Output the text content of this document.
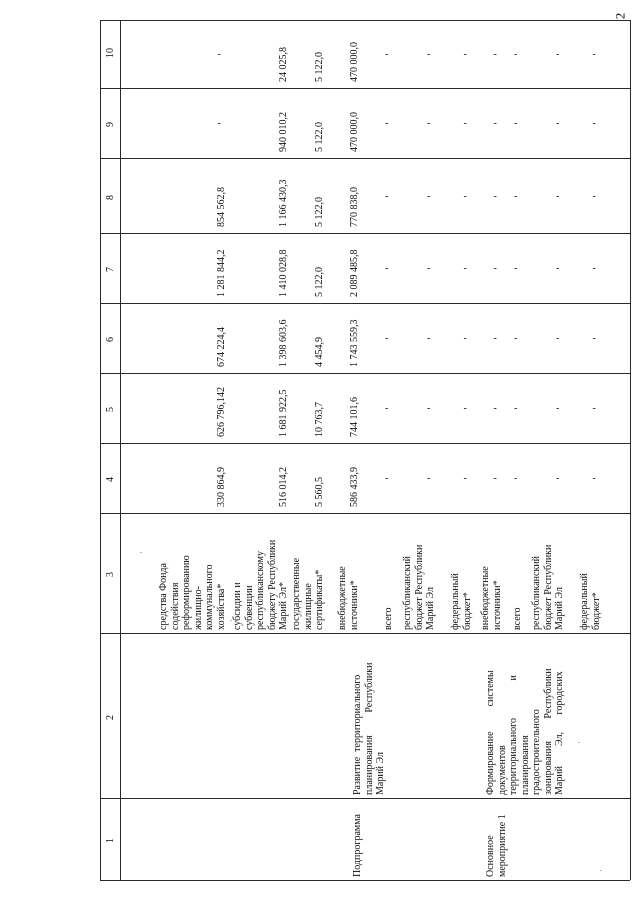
2
10
9
8
7
6
5
4
3
2
1
средства Фонда
содействия
реформированию
жилищно-
коммунального
хозяйства*
330 864,9
626 796,142
674 224,4
1 281 844,2
854 562,8
-
-
субсидии и
субвенции
республиканскому
бюджету Республики
Марий Эл*
516 014,2
1 681 922,5
1 398 603,6
1 410 028,8
1 166 430,3
940 010,2
24 025,8
государственные
жилищные
сертификаты*
5 560,5
10 763,7
4 454,9
5 122,0
5 122,0
5 122,0
5 122,0
внебюджетные
источники*
586 433,9
744 101,6
1 743 559,3
2 089 485,8
770 838,0
470 000,0
470 000,0
Подпрограмма
Развитие  территориального
планирования         Республики
Марий Эл
всего
-
-
-
-
-
-
-
республиканский
бюджет Республики
Марий Эл
-
-
-
-
-
-
-
федеральный
бюджет*
-
-
-
-
-
-
-
внебюджетные
источники*
-
-
-
-
-
-
-
Основное
мероприятие 1
Формирование          системы
документов
территориального               и
планирования
градостроительного
зонирования         Республики
Марий        Эл,       городских
всего
-
-
-
-
-
-
-
республиканский
бюджет Республики
Марий Эл
-
-
-
-
-
-
-
федеральный
бюджет*
-
-
-
-
-
-
-
